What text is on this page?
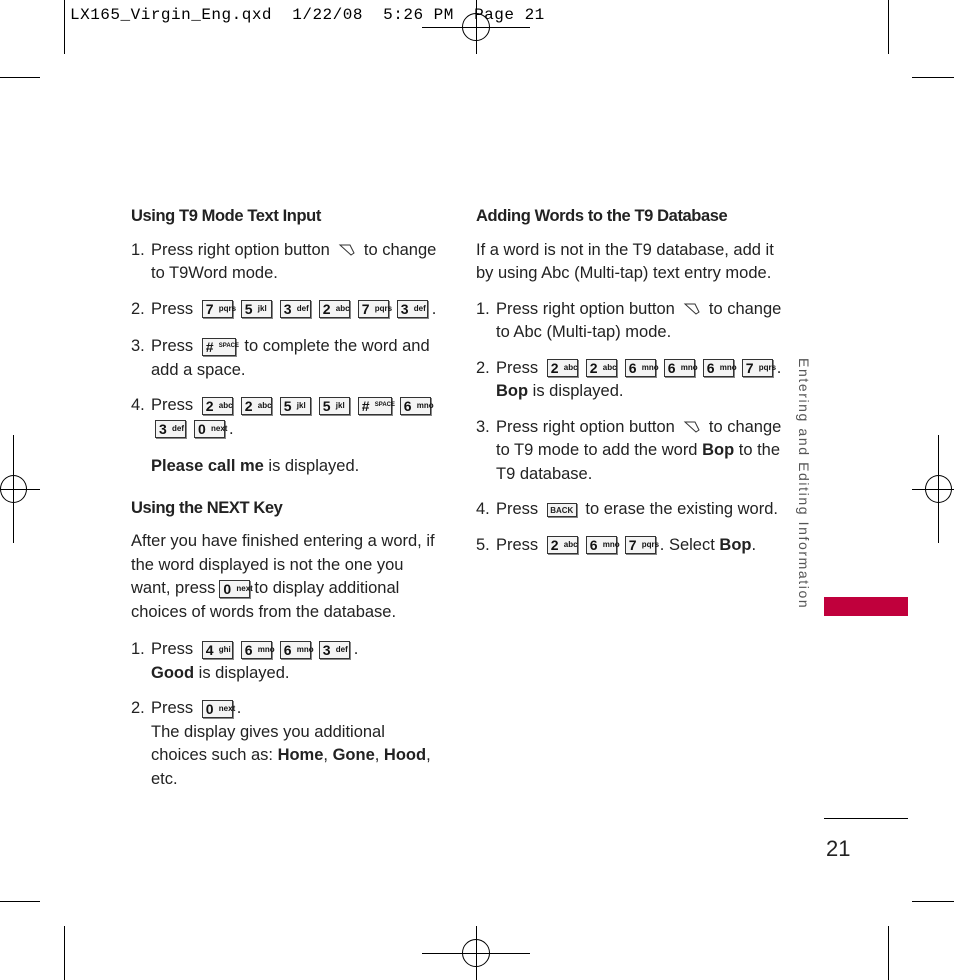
LX165_Virgin_Eng.qxd  1/22/08  5:26 PM  Page 21
Using T9 Mode Text Input
1. Press right option button to change to T9Word mode.
2. Press 7 pqrs 5 jkl 3 def 2 abc 7 pqrs 3 def .
3. Press # SPACE to complete the word and add a space.
4. Press 2 abc 2 abc 5 jkl 5 jkl # SPACE 6 mno

3 def 0 next .

Please call me is displayed.

Using the NEXT Key

After you have finished entering a word, if the word displayed is not the one you want, press 0 next to display additional choices of words from the database.

1. Press 4 ghi 6 mno 6 mno 3 def .

Good is displayed.

2. Press 0 next .

The display gives you additional choices such as: Home, Gone, Hood, etc.

Adding Words to the T9 Database

If a word is not in the T9 database, add it by using Abc (Multi-tap) text entry mode.

1. Press right option button to change to Abc (Multi-tap) mode.
2. Press 2 abc 2 abc 6 mno 6 mno 6 mno 7 pqrs .

Bop is displayed.

3. Press right option button to change to T9 mode to add the word Bop to the T9 database.
4. Press BACK to erase the existing word.
5. Press 2 abc 6 mno 7 pqrs . Select Bop.	Entering and Editing Information
21
